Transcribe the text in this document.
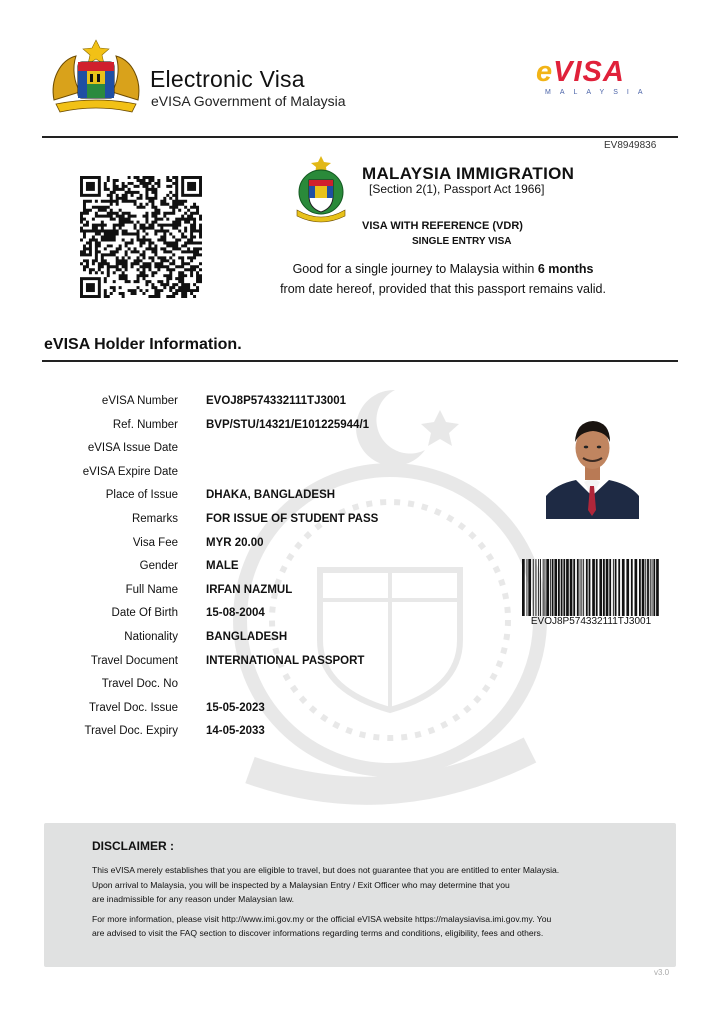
Electronic Visa
eVISA Government of Malaysia
eVISA
MALAYSIA
EV8949836
MALAYSIA IMMIGRATION
[Section 2(1), Passport Act 1966]
VISA WITH REFERENCE (VDR)
SINGLE ENTRY VISA
Good for a single journey to Malaysia within 6 months
from date hereof, provided that this passport remains valid.
eVISA Holder Information.
eVISA Number EVOJ8P574332111TJ3001
Ref. Number BVP/STU/14321/E101225944/1
eVISA Issue Date
eVISA Expire Date
Place of Issue DHAKA, BANGLADESH
Remarks FOR ISSUE OF STUDENT PASS
Visa Fee MYR 20.00
Gender MALE
Full Name IRFAN NAZMUL
Date Of Birth 15-08-2004
Nationality BANGLADESH
Travel Document INTERNATIONAL PASSPORT
Travel Doc. No
Travel Doc. Issue 15-05-2023
Travel Doc. Expiry 14-05-2033
EVOJ8P574332111TJ3001
DISCLAIMER :
This eVISA merely establishes that you are eligible to travel, but does not guarantee that you are entitled to enter Malaysia.
Upon arrival to Malaysia, you will be inspected by a Malaysian Entry / Exit Officer who may determine that you
are inadmissible for any reason under Malaysian law.
For more information, please visit http://www.imi.gov.my or the official eVISA website https://malaysiavisa.imi.gov.my. You
are advised to visit the FAQ section to discover informations regarding terms and conditions, eligibility, fees and others.
v3.0
